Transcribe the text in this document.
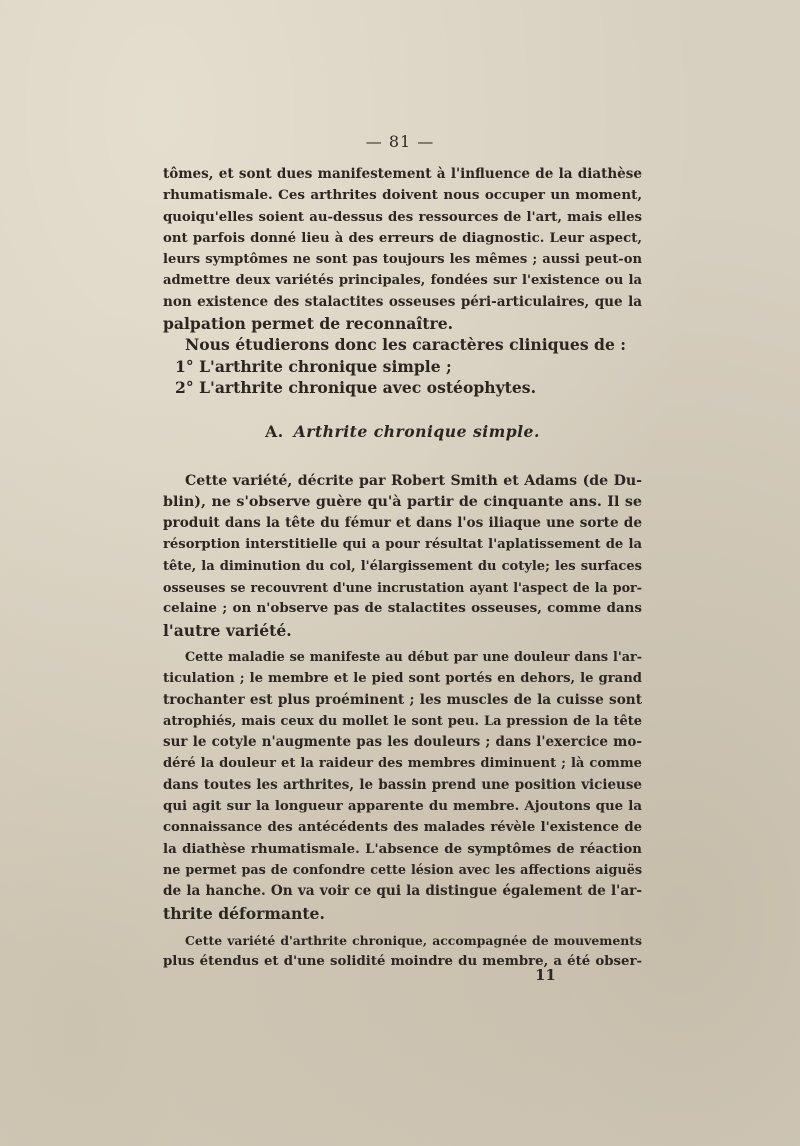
— 81 —

tômes, et sont dues manifestement à l'influence de la diathèse
rhumatismale. Ces arthrites doivent nous occuper un moment,
quoiqu'elles soient au-dessus des ressources de l'art, mais elles
ont parfois donné lieu à des erreurs de diagnostic. Leur aspect,
leurs symptômes ne sont pas toujours les mêmes ; aussi peut-on
admettre deux variétés principales, fondées sur l'existence ou la
non existence des stalactites osseuses péri-articulaires, que la
palpation permet de reconnaître.

Nous étudierons donc les caractères cliniques de :

1° L'arthrite chronique simple ;
2° L'arthrite chronique avec ostéophytes.

A. Arthrite chronique simple.

Cette variété, décrite par Robert Smith et Adams (de Du-
blin), ne s'observe guère qu'à partir de cinquante ans. Il se
produit dans la tête du fémur et dans l'os iliaque une sorte de
résorption interstitielle qui a pour résultat l'aplatissement de la
tête, la diminution du col, l'élargissement du cotyle; les surfaces
osseuses se recouvrent d'une incrustation ayant l'aspect de la por-
celaine ; on n'observe pas de stalactites osseuses, comme dans
l'autre variété.

Cette maladie se manifeste au début par une douleur dans l'ar-
ticulation ; le membre et le pied sont portés en dehors, le grand
trochanter est plus proéminent ; les muscles de la cuisse sont
atrophiés, mais ceux du mollet le sont peu. La pression de la tête
sur le cotyle n'augmente pas les douleurs ; dans l'exercice mo-
déré la douleur et la raideur des membres diminuent ; là comme
dans toutes les arthrites, le bassin prend une position vicieuse
qui agit sur la longueur apparente du membre. Ajoutons que la
connaissance des antécédents des malades révèle l'existence de
la diathèse rhumatismale. L'absence de symptômes de réaction
ne permet pas de confondre cette lésion avec les affections aiguës
de la hanche. On va voir ce qui la distingue également de l'ar-
thrite déformante.

Cette variété d'arthrite chronique, accompagnée de mouvements
plus étendus et d'une solidité moindre du membre, a été obser-

11
